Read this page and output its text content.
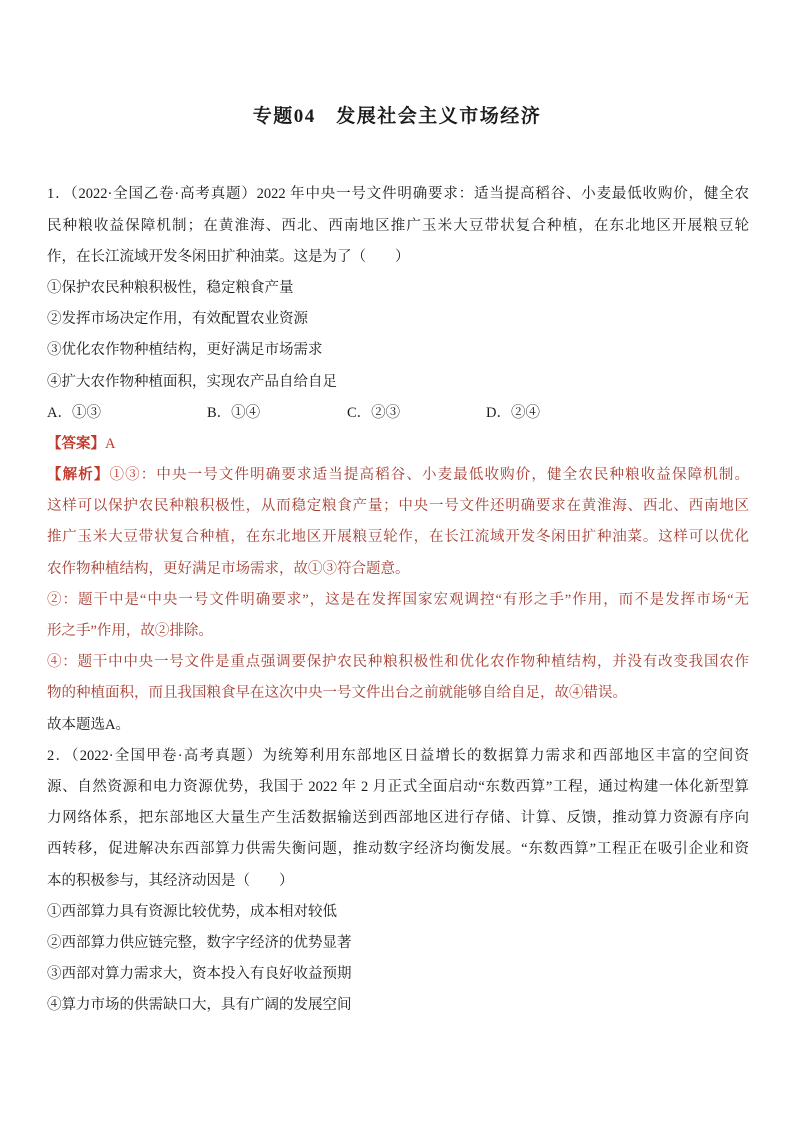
专题04　发展社会主义市场经济
1．（2022·全国乙卷·高考真题）2022 年中央一号文件明确要求：适当提高稻谷、小麦最低收购价，健全农
民种粮收益保障机制；在黄淮海、西北、西南地区推广玉米大豆带状复合种植，在东北地区开展粮豆轮
作，在长江流域开发冬闲田扩种油菜。这是为了（　　）
①保护农民种粮积极性，稳定粮食产量
②发挥市场决定作用，有效配置农业资源
③优化农作物种植结构，更好满足市场需求
④扩大农作物种植面积，实现农产品自给自足
A．①③	B．①④	C．②③	D．②④
【答案】A
【解析】①③：中央一号文件明确要求适当提高稻谷、小麦最低收购价，健全农民种粮收益保障机制。
这样可以保护农民种粮积极性，从而稳定粮食产量；中央一号文件还明确要求在黄淮海、西北、西南地区
推广玉米大豆带状复合种植，在东北地区开展粮豆轮作，在长江流域开发冬闲田扩种油菜。这样可以优化
农作物种植结构，更好满足市场需求，故①③符合题意。
②：题干中是“中央一号文件明确要求”，这是在发挥国家宏观调控“有形之手”作用，而不是发挥市场“无
形之手”作用，故②排除。
④：题干中中央一号文件是重点强调要保护农民种粮积极性和优化农作物种植结构，并没有改变我国农作
物的种植面积，而且我国粮食早在这次中央一号文件出台之前就能够自给自足，故④错误。
故本题选A。
2．（2022·全国甲卷·高考真题）为统筹利用东部地区日益增长的数据算力需求和西部地区丰富的空间资
源、自然资源和电力资源优势，我国于 2022 年 2 月正式全面启动“东数西算”工程，通过构建一体化新型算
力网络体系，把东部地区大量生产生活数据输送到西部地区进行存储、计算、反馈，推动算力资源有序向
西转移，促进解决东西部算力供需失衡问题，推动数字经济均衡发展。“东数西算”工程正在吸引企业和资
本的积极参与，其经济动因是（　　）
①西部算力具有资源比较优势，成本相对较低
②西部算力供应链完整，数字字经济的优势显著
③西部对算力需求大，资本投入有良好收益预期
④算力市场的供需缺口大，具有广阔的发展空间
